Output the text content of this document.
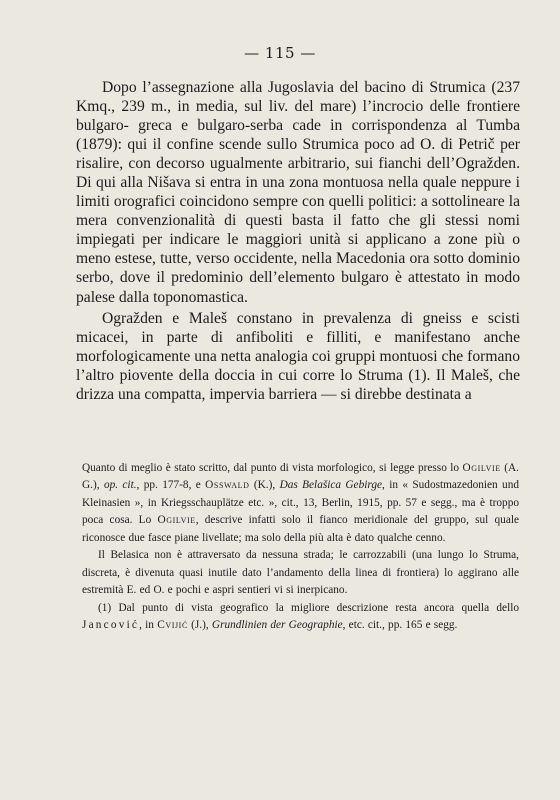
— 115 —

Dopo l’assegnazione alla Jugoslavia del bacino di Strumica (237 Kmq., 239 m., in media, sul liv. del mare) l’incrocio delle frontiere bulgaro- greca e bulgaro-serba cade in corrispondenza al Tumba (1879): qui il confine scende sullo Strumica poco ad O. di Petrič per risalire, con decorso ugualmente arbitrario, sui fianchi dell’Ogražden. Di qui alla Nišava si entra in una zona montuosa nella quale neppure i limiti orografici coincidono sempre con quelli politici: a sottolineare la mera convenzionalità di questi basta il fatto che gli stessi nomi impiegati per indicare le maggiori unità si applicano a zone più o meno estese, tutte, verso occidente, nella Macedonia ora sotto dominio serbo, dove il predominio dell’elemento bulgaro è attestato in modo palese dalla toponomastica.

Ogražden e Maleš constano in prevalenza di gneiss e scisti micacei, in parte di anfiboliti e filliti, e manifestano anche morfologicamente una netta analogia coi gruppi montuosi che formano l’altro piovente della doccia in cui corre lo Struma (1). Il Maleš, che drizza una compatta, impervia barriera — si direbbe destinata a

Quanto di meglio è stato scritto, dal punto di vista morfologico, si legge presso lo Ogilvie (A. G.), op. cit., pp. 177-8, e Osswald (K.), Das Belašica Gebirge, in « Sudostmazedonien und Kleinasien », in Kriegsschauplätze etc. », cit., 13, Berlin, 1915, pp. 57 e segg., ma è troppo poca cosa. Lo Ogilvie, descrive infatti solo il fianco meridionale del gruppo, sul quale riconosce due fasce piane livellate; ma solo della più alta è dato qualche cenno.

Il Belasica non è attraversato da nessuna strada; le carrozzabili (una lungo lo Struma, discreta, è divenuta quasi inutile dato l’andamento della linea di frontiera) lo aggirano alle estremità E. ed O. e pochi e aspri sentieri vi si inerpicano.

(1) Dal punto di vista geografico la migliore descrizione resta ancora quella dello Jancović, in Cvijić (J.), Grundlinien der Geographie, etc. cit., pp. 165 e segg.
